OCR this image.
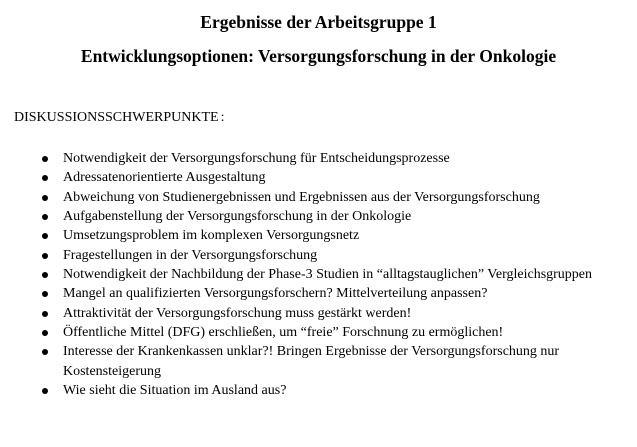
Ergebnisse der Arbeitsgruppe 1
Entwicklungsoptionen: Versorgungsforschung in der Onkologie
DISKUSSIONSSCHWERPUNKTE :
Notwendigkeit der Versorgungsforschung für Entscheidungsprozesse
Adressatenorientierte Ausgestaltung
Abweichung von Studienergebnissen und Ergebnissen aus der Versorgungsforschung
Aufgabenstellung der Versorgungsforschung in der Onkologie
Umsetzungsproblem im komplexen Versorgungsnetz
Fragestellungen in der Versorgungsforschung
Notwendigkeit der Nachbildung der Phase-3 Studien in “alltagstauglichen” Vergleichsgruppen
Mangel an qualifizierten Versorgungsforschern? Mittelverteilung anpassen?
Attraktivität der Versorgungsforschung muss gestärkt werden!
Öffentliche Mittel (DFG) erschließen, um “freie” Forschnung zu ermöglichen!
Interesse der Krankenkassen unklar?! Bringen Ergebnisse der Versorgungsforschung nur Kostensteigerung
Wie sieht die Situation im Ausland aus?
